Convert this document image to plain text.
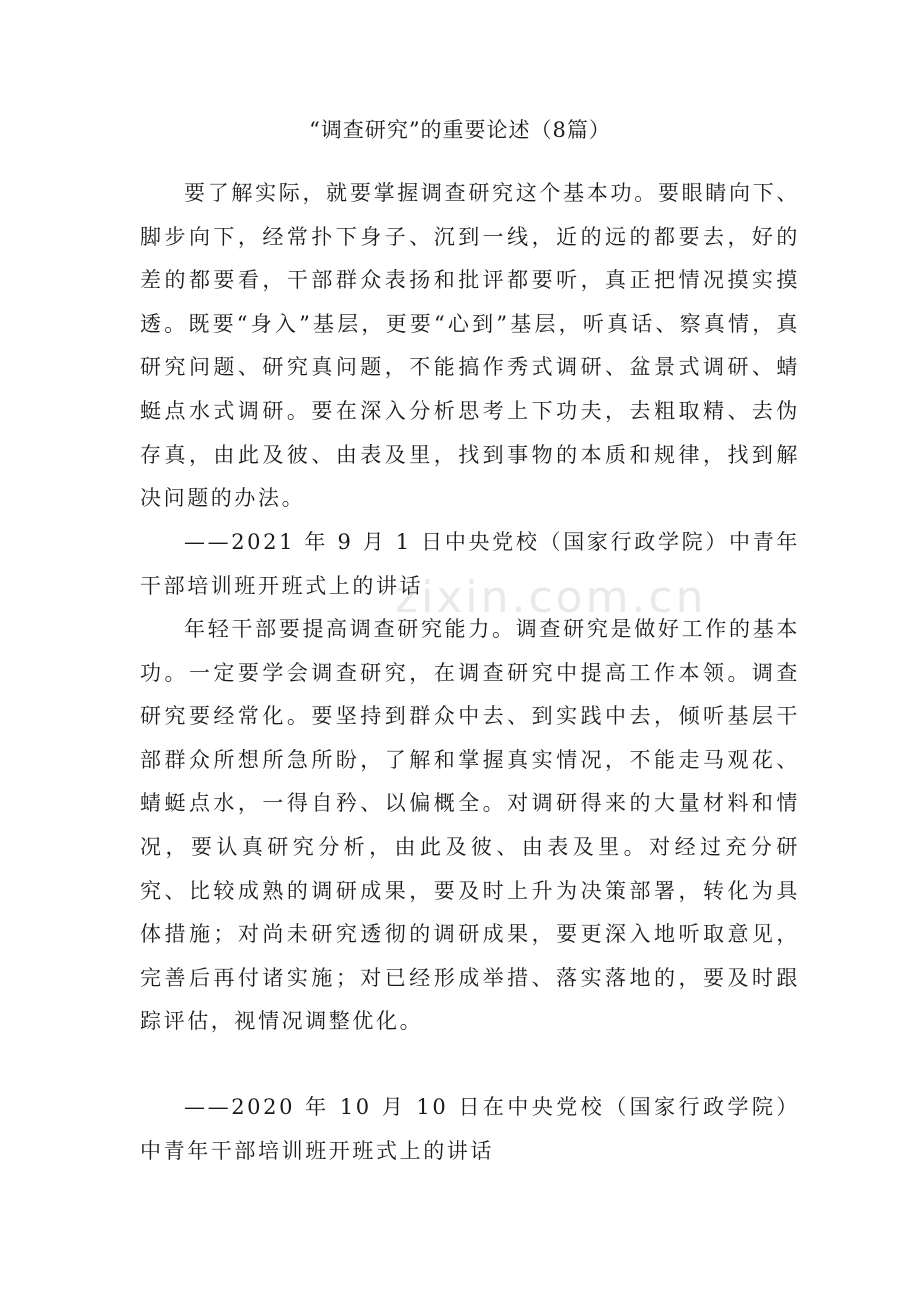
zixin.com.cn
“调查研究”的重要论述（8篇）

要了解实际，就要掌握调查研究这个基本功。要眼睛向下、脚步向下，经常扑下身子、沉到一线，近的远的都要去，好的差的都要看，干部群众表扬和批评都要听，真正把情况摸实摸透。既要“身入”基层，更要“心到”基层，听真话、察真情，真研究问题、研究真问题，不能搞作秀式调研、盆景式调研、蜻蜓点水式调研。要在深入分析思考上下功夫，去粗取精、去伪存真，由此及彼、由表及里，找到事物的本质和规律，找到解决问题的办法。

——2021 年 9 月 1 日中央党校（国家行政学院）中青年干部培训班开班式上的讲话

年轻干部要提高调查研究能力。调查研究是做好工作的基本功。一定要学会调查研究，在调查研究中提高工作本领。调查研究要经常化。要坚持到群众中去、到实践中去，倾听基层干部群众所想所急所盼，了解和掌握真实情况，不能走马观花、蜻蜓点水，一得自矜、以偏概全。对调研得来的大量材料和情况，要认真研究分析，由此及彼、由表及里。对经过充分研究、比较成熟的调研成果，要及时上升为决策部署，转化为具体措施；对尚未研究透彻的调研成果，要更深入地听取意见，完善后再付诸实施；对已经形成举措、落实落地的，要及时跟踪评估，视情况调整优化。

——2020 年 10 月 10 日在中央党校（国家行政学院）中青年干部培训班开班式上的讲话
